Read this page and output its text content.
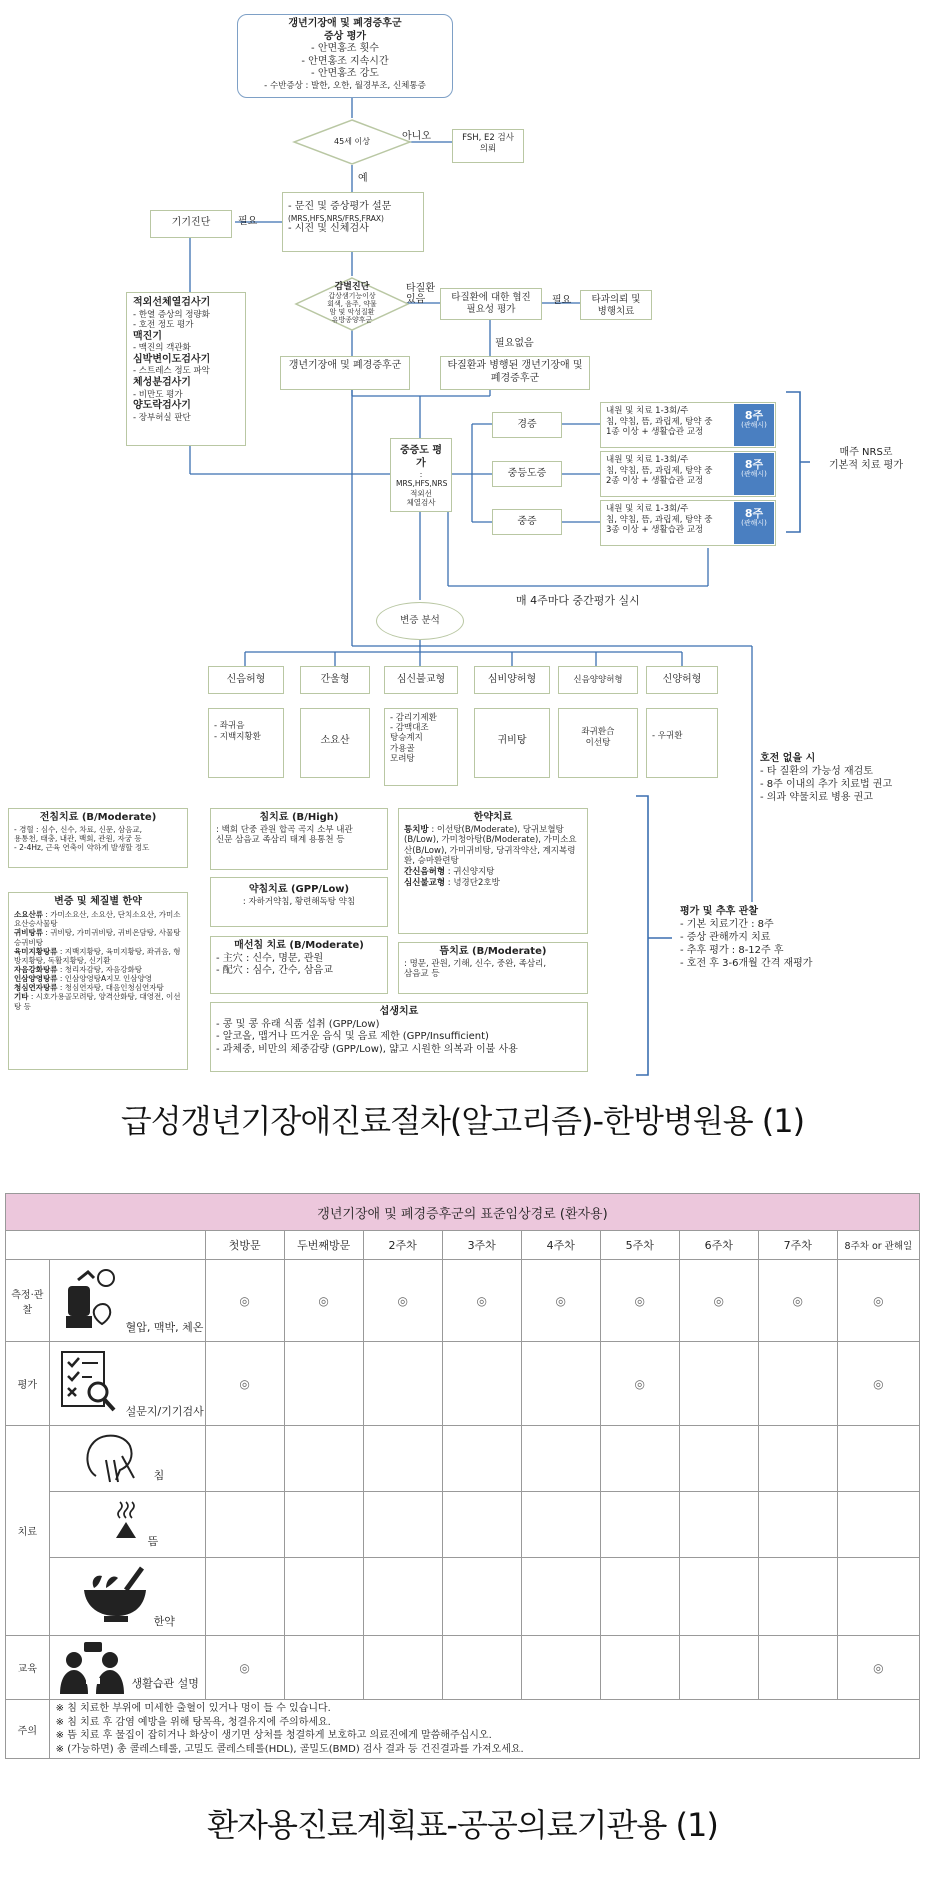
갱년기장애 및 폐경증후군
증상 평가
- 안면홍조 횟수
- 안면홍조 지속시간
- 안면홍조 강도
- 수반증상 : 발한, 오한, 월경부조, 신체통증
45세 이상	아니오	FSH, E2 검사 의뢰
예
- 문진 및 증상평가 설문
(MRS,HFS,NRS/FRS,FRAX)
- 시진 및 신체검사
필요
기기진단
적외선체열검사기
- 한열 증상의 정량화
- 호전 정도 평가
맥진기
- 맥진의 객관화
심박변이도검사기
- 스트레스 정도 파악
체성분검사기
- 비만도 평가
양도락검사기
- 장부허실 판단
감별진단
갑상샘기능이상
회색, 음주, 약물
암 및 악성질환
유방종양후군
타질환 있음	타질환에 대한 협진 필요성 평가
필요	타과의뢰 및 병행치료
필요없음
갱년기장애 및 폐경증후군	타질환과 병행된 갱년기장애 및 폐경증후군
중증도 평가
: MRS,HFS,NRS
적외선
체열검사
경증
중등도증
중증
내원 및 치료 1-3회/주
침, 약침, 뜸, 과립제, 탕약 중
1종 이상 + 생활습관 교정
8주
(관해시)
내원 및 치료 1-3회/주
침, 약침, 뜸, 과립제, 탕약 중
2종 이상 + 생활습관 교정
8주
(관해시)
내원 및 치료 1-3회/주
침, 약침, 뜸, 과립제, 탕약 중
3종 이상 + 생활습관 교정
8주
(관해시)
매주 NRS로
기본적 치료 평가
매 4주마다 중간평가 실시
변증 분석
신음허형	간울형	심신불교형	심비양허형	신음양양허형	신양허형
- 좌귀음
- 지백지황환	소요산
- 감리기제환
- 감맥대조
탕승계지
가용골
모려탕
귀비탕
좌귀환合
이선탕
- 우귀환
호전 없을 시
- 타 질환의 가능성 재검토
- 8주 이내의 추가 치료법 권고
- 의과 약물치료 병용 권고
전침치료 (B/Moderate)
- 경혈 : 심수, 신수, 차료, 신문, 삼음교,
용통천, 태충, 내관, 백회, 관원, 자궁 등
- 2-4Hz, 근육 연축이 약하게 발생할 정도
침치료 (B/High)
: 백회 단중 관원 합곡 곡지 소부 내관
신문 삼음교 족삼리 태계 용통천 등
약침치료 (GPP/Low)
: 자하거약침, 황련해독탕 약침
매선침 치료 (B/Moderate)
- 主穴 : 신수, 명문, 관원
- 配穴 : 심수, 간수, 삼음교
한약치료
통치방 : 이선탕(B/Moderate), 당귀보혈탕(B/Low), 가미청아탕(B/Moderate), 가미소요산(B/Low), 가미귀비탕, 당귀작약산, 계지복령환, 승마환련탕
간신음허형 : 귀신양지탕
심신불교형 : 녕경단2호방
뜸치료 (B/Moderate)
: 명문, 관원, 기해, 신수, 중완, 족삼리,
삼음교 등
섭생치료
- 콩 및 콩 유래 식품 섭취 (GPP/Low)
- 알코올, 맵거나 뜨거운 음식 및 음료 제한 (GPP/Insufficient)
- 과체중, 비만의 체중감량 (GPP/Low), 얇고 시원한 의복과 이불 사용
변증 및 체질별 한약
소요산류 : 가미소요산, 소요산, 단치소요산, 가미소요산승사물탕
귀비탕류 : 귀비탕, 가미귀비탕, 귀비온담탕, 사물탕승귀비탕
육미지황탕류 : 지백지황탕, 육미지황탕, 좌귀음, 형방지황탕, 독활지황탕, 신기환
자음강화탕류 : 청리자감탕, 자음강화탕
인삼양영탕류 : 인삼양영탕A지모 인삼양영
청심연자탕류 : 청심연자탕, 대음인청심연자탕
기타 : 시호가용골모려탕, 양격산화탕, 대영전, 이선탕 등
평가 및 추후 관찰
- 기본 치료기간 : 8주
- 증상 관해까지 치료
- 추후 평가 : 8-12주 후
- 호전 후 3-6개월 간격 재평가
급성갱년기장애진료절차(알고리즘)-한방병원용 (1)
갱년기장애 및 폐경증후군의 표준임상경로 (환자용)										
		첫방문	두번째방문	2주차	3주차	4주차	5주차	6주차	7주차	8주차 or 관해일
측정·관찰	혈압, 맥박, 체온	◎	◎	◎	◎	◎	◎	◎	◎	◎
평가	설문지/기기검사	◎					◎			◎
치료	침									

	뜸									

	한약									

교육	생활습관 설명	◎								◎
주의	※ 침 치료한 부위에 미세한 출혈이 있거나 멍이 들 수 있습니다.
※ 침 치료 후 감염 예방을 위해 탕목욕, 청결유지에 주의하세요.
※ 뜸 치료 후 물집이 잡히거나 화상이 생기면 상처를 청결하게 보호하고 의료진에게 말씀해주십시오.
※ (가능하면) 총 콜레스테롤, 고밀도 콜레스테롤(HDL), 골밀도(BMD) 검사 결과 등 건진결과를 가져오세요.									
환자용진료계획표-공공의료기관용 (1)
